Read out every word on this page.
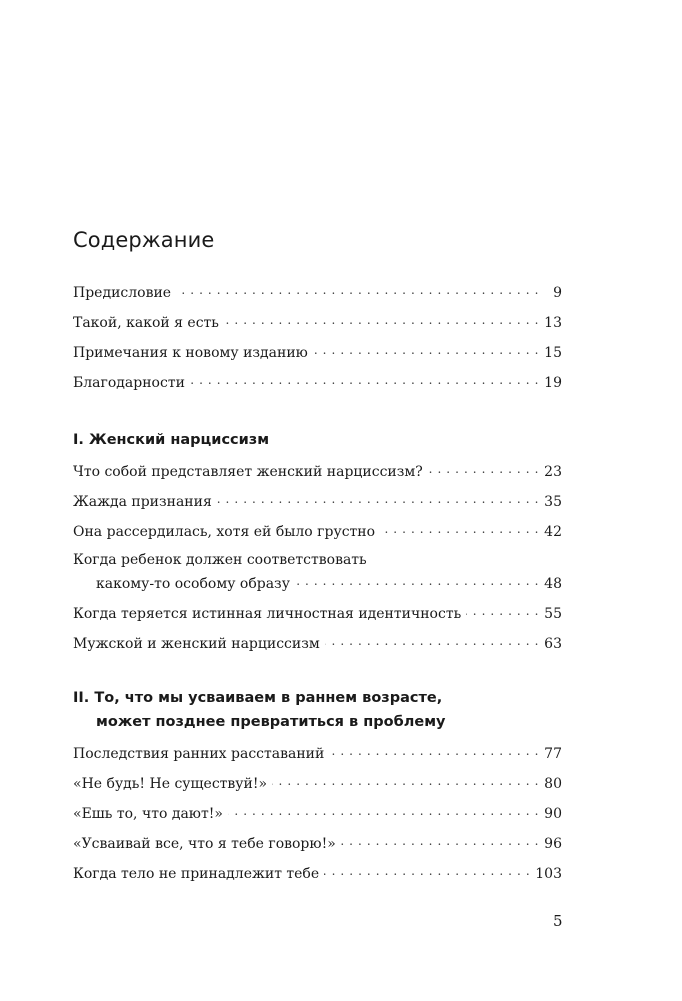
Содержание
Предисловие . . .	9
Такой, какой я есть . . .	13
Примечания к новому изданию . . .	15
Благодарности . . .	19
I. Женский нарциссизм
Что собой представляет женский нарциссизм? . . .	23
Жажда признания . . .	35
Она рассердилась, хотя ей было грустно . . .	42
Когда ребенок должен соответствовать
какому-то особому образу . . .	48
Когда теряется истинная личностная идентичность . . .	55
Мужской и женский нарциссизм . . .	63
II. То, что мы усваиваем в раннем возрасте,
может позднее превратиться в проблему
Последствия ранних расставаний . . .	77
«Не будь! Не существуй!» . . .	80
«Ешь то, что дают!» . . .	90
«Усваивай все, что я тебе говорю!» . . .	96
Когда тело не принадлежит тебе . . .	103
5
